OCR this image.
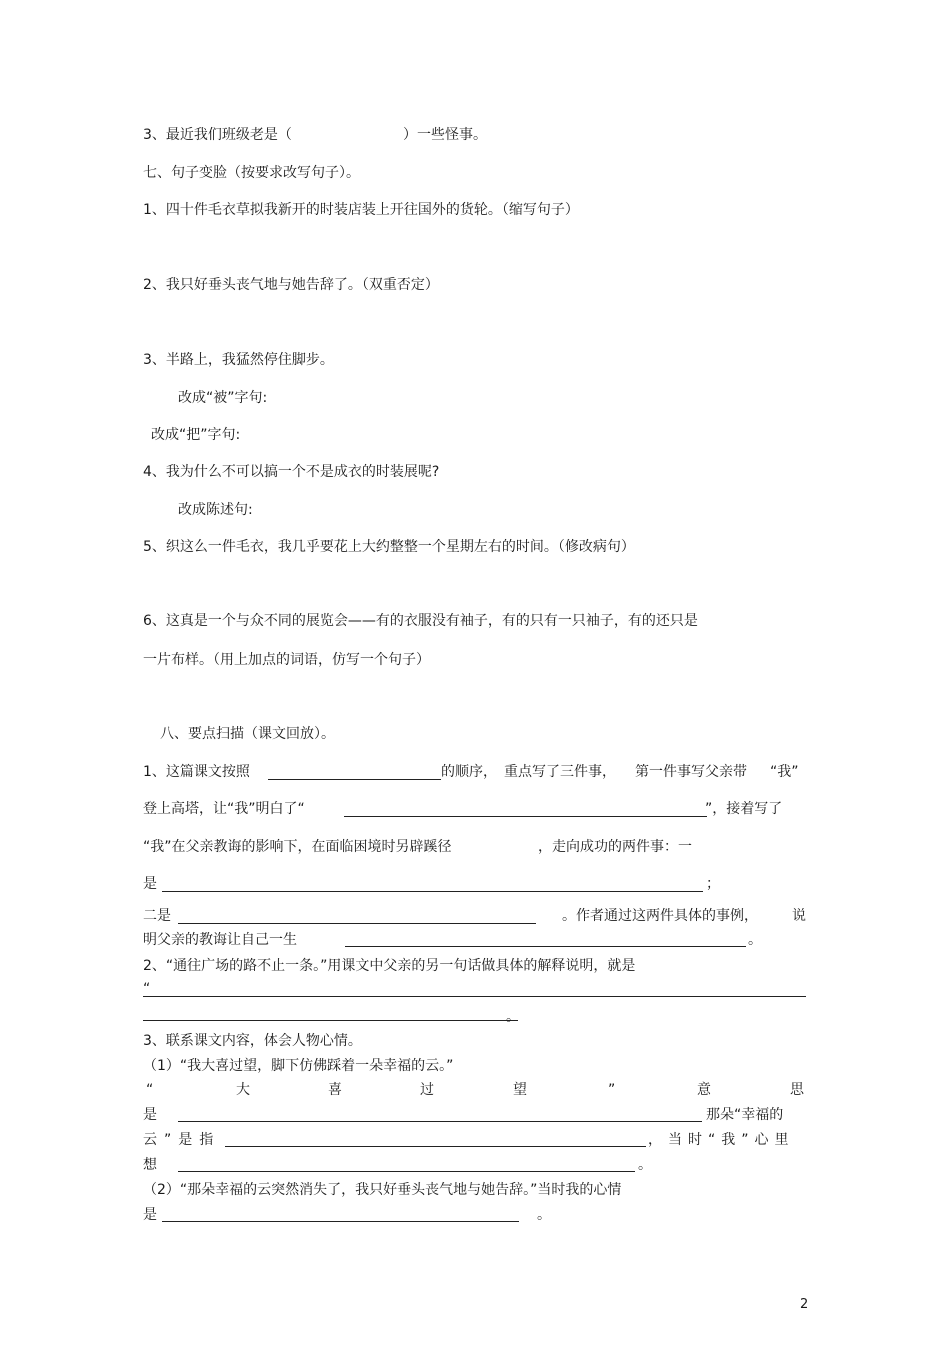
3、最近我们班级老是（	）一些怪事。
七、句子变脸（按要求改写句子）。
1、四十件毛衣草拟我新开的时装店装上开往国外的货轮。（缩写句子）
2、我只好垂头丧气地与她告辞了。（双重否定）
3、半路上，我猛然停住脚步。
改成“被”字句:
改成“把”字句:
4、我为什么不可以搞一个不是成衣的时装展呢?
改成陈述句:
5、织这么一件毛衣，我几乎要花上大约整整一个星期左右的时间。（修改病句）
6、这真是一个与众不同的展览会——有的衣服没有袖子，有的只有一只袖子，有的还只是
一片布样。（用上加点的词语，仿写一个句子）
八、要点扫描（课文回放）。
1、这篇课文按照	的顺序， 重点写了三件事， 第一件事写父亲带 “我”
登上高塔，让“我”明白了“	”，接着写了
“我”在父亲教诲的影响下，在面临困境时另辟蹊径	，走向成功的两件事：一
是	；
二是	。作者通过这两件具体的事例， 说
明父亲的教诲让自己一生	。
2、“通往广场的路不止一条。”用课文中父亲的另一句话做具体的解释说明，就是
“
。
3、联系课文内容，体会人物心情。
（1）“我大喜过望，脚下仿佛踩着一朵幸福的云。”
“	大	喜	过	望	”	意	思
是	那朵“幸福的
云”是指	，当时“我”心里
想	。
（2）“那朵幸福的云突然消失了，我只好垂头丧气地与她告辞。”当时我的心情
是	。
2
